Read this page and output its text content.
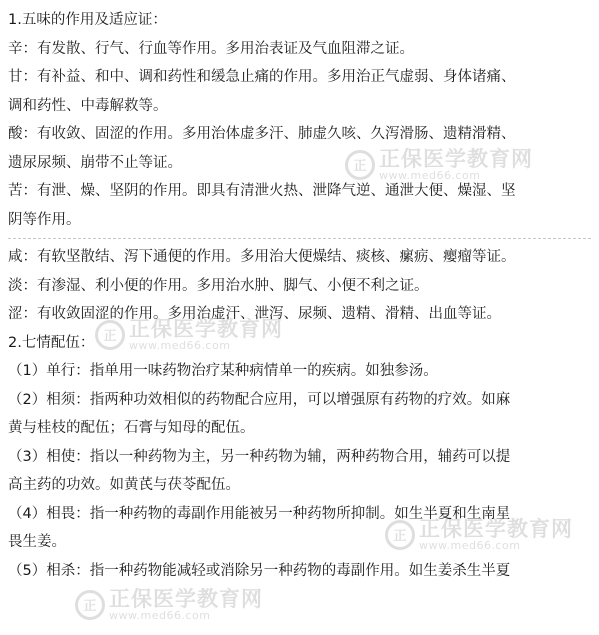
1.五味的作用及适应证：
辛：有发散、行气、行血等作用。多用治表证及气血阻滞之证。
甘：有补益、和中、调和药性和缓急止痛的作用。多用治正气虚弱、身体诸痛、
调和药性、中毒解救等。
酸：有收敛、固涩的作用。多用治体虚多汗、肺虚久咳、久泻滑肠、遗精滑精、
遗尿尿频、崩带不止等证。
苦：有泄、燥、坚阴的作用。即具有清泄火热、泄降气逆、通泄大便、燥湿、坚
阴等作用。
咸：有软坚散结、泻下通便的作用。多用治大便燥结、痰核、瘰疬、瘿瘤等证。
淡：有渗湿、利小便的作用。多用治水肿、脚气、小便不利之证。
涩：有收敛固涩的作用。多用治虚汗、泄泻、尿频、遗精、滑精、出血等证。
2.七情配伍：
（1）单行：指单用一味药物治疗某种病情单一的疾病。如独参汤。
（2）相须：指两种功效相似的药物配合应用，可以增强原有药物的疗效。如麻
黄与桂枝的配伍；石膏与知母的配伍。
（3）相使：指以一种药物为主，另一种药物为辅，两种药物合用，辅药可以提
高主药的功效。如黄芪与茯苓配伍。
（4）相畏：指一种药物的毒副作用能被另一种药物所抑制。如生半夏和生南星
畏生姜。
（5）相杀：指一种药物能减轻或消除另一种药物的毒副作用。如生姜杀生半夏
正 正保医学教育网
www.med66.com
正 正保医学教育网
www.med66.com
正 正保医学教育网
www.med66.com
正 正保医学教育网
www.med66.com
